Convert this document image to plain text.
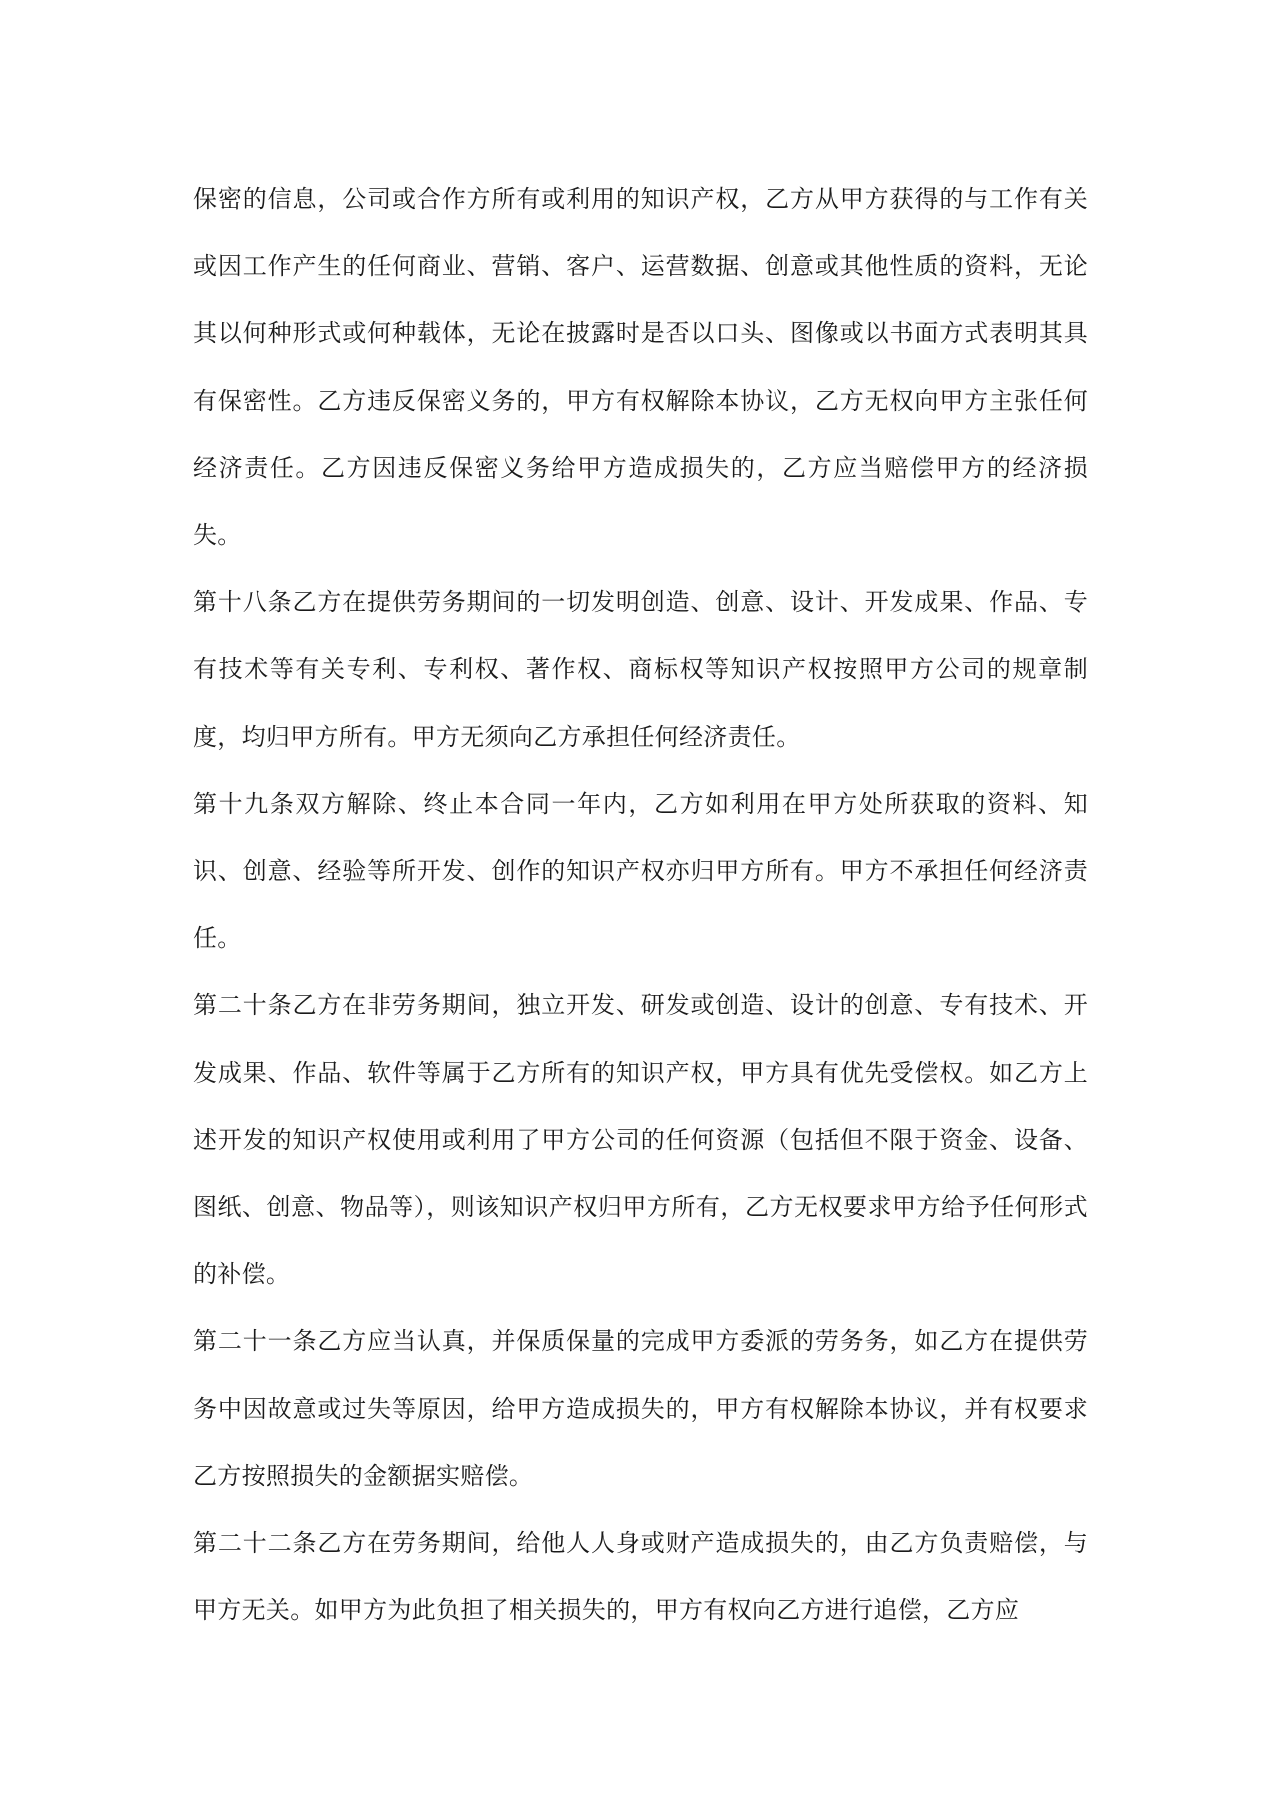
保密的信息，公司或合作方所有或利用的知识产权，乙方从甲方获得的与工作有关或因工作产生的任何商业、营销、客户、运营数据、创意或其他性质的资料，无论其以何种形式或何种载体，无论在披露时是否以口头、图像或以书面方式表明其具有保密性。乙方违反保密义务的，甲方有权解除本协议，乙方无权向甲方主张任何经济责任。乙方因违反保密义务给甲方造成损失的，乙方应当赔偿甲方的经济损失。

第十八条乙方在提供劳务期间的一切发明创造、创意、设计、开发成果、作品、专有技术等有关专利、专利权、著作权、商标权等知识产权按照甲方公司的规章制度，均归甲方所有。甲方无须向乙方承担任何经济责任。

第十九条双方解除、终止本合同一年内，乙方如利用在甲方处所获取的资料、知识、创意、经验等所开发、创作的知识产权亦归甲方所有。甲方不承担任何经济责任。

第二十条乙方在非劳务期间，独立开发、研发或创造、设计的创意、专有技术、开发成果、作品、软件等属于乙方所有的知识产权，甲方具有优先受偿权。如乙方上述开发的知识产权使用或利用了甲方公司的任何资源（包括但不限于资金、设备、图纸、创意、物品等），则该知识产权归甲方所有，乙方无权要求甲方给予任何形式的补偿。

第二十一条乙方应当认真，并保质保量的完成甲方委派的劳务务，如乙方在提供劳务中因故意或过失等原因，给甲方造成损失的，甲方有权解除本协议，并有权要求乙方按照损失的金额据实赔偿。

第二十二条乙方在劳务期间，给他人人身或财产造成损失的，由乙方负责赔偿，与甲方无关。如甲方为此负担了相关损失的，甲方有权向乙方进行追偿，乙方应
